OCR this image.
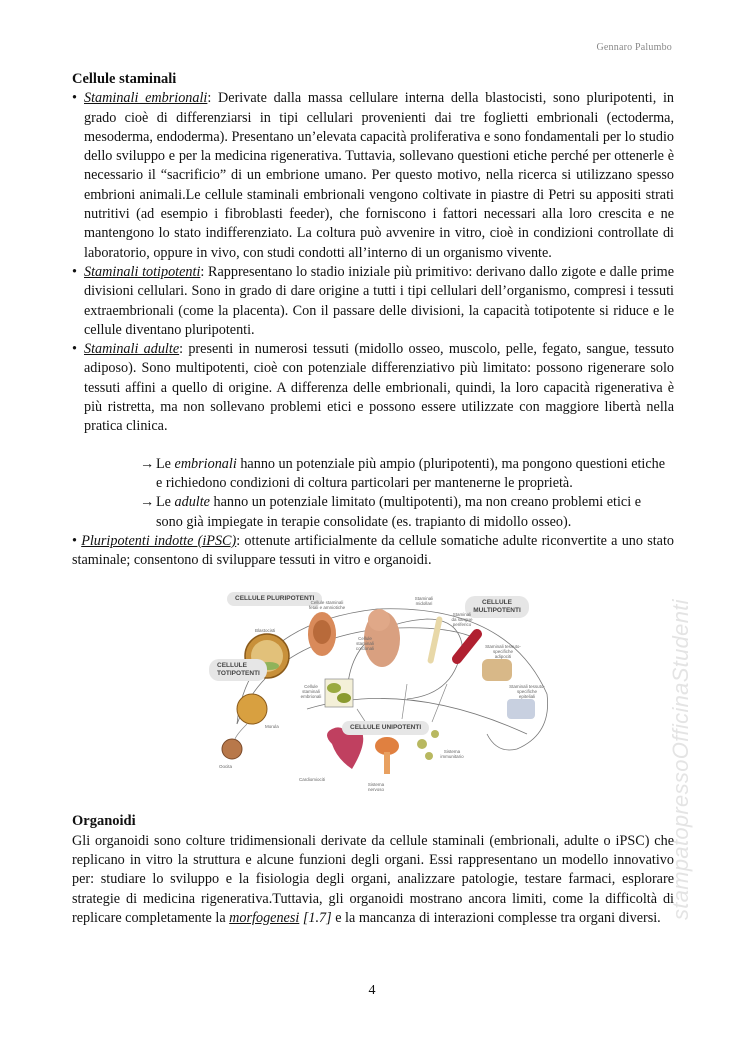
Gennaro Palumbo
stampatopressoOfficinaStudenti
Cellule staminali

• Staminali embrionali: Derivate dalla massa cellulare interna della blastocisti, sono pluripotenti, in grado cioè di differenziarsi in tipi cellulari provenienti dai tre foglietti embrionali (ectoderma, mesoderma, endoderma). Presentano un’elevata capacità proliferativa e sono fondamentali per lo studio dello sviluppo e per la medicina rigenerativa. Tuttavia, sollevano questioni etiche perché per ottenerle è necessario il “sacrificio” di un embrione umano. Per questo motivo, nella ricerca si utilizzano spesso embrioni animali.Le cellule staminali embrionali vengono coltivate in piastre di Petri su appositi strati nutritivi (ad esempio i fibroblasti feeder), che forniscono i fattori necessari alla loro crescita e ne mantengono lo stato indifferenziato. La coltura può avvenire in vitro, cioè in condizioni controllate di laboratorio, oppure in vivo, con studi condotti all’interno di un organismo vivente.

• Staminali totipotenti: Rappresentano lo stadio iniziale più primitivo: derivano dallo zigote e dalle prime divisioni cellulari. Sono in grado di dare origine a tutti i tipi cellulari dell’organismo, compresi i tessuti extraembrionali (come la placenta). Con il passare delle divisioni, la capacità totipotente si riduce e le cellule diventano pluripotenti.

• Staminali adulte: presenti in numerosi tessuti (midollo osseo, muscolo, pelle, fegato, sangue, tessuto adiposo). Sono multipotenti, cioè con potenziale differenziativo più limitato: possono rigenerare solo tessuti affini a quello di origine. A differenza delle embrionali, quindi, la loro capacità rigenerativa è più ristretta, ma non sollevano problemi etici e possono essere utilizzate con maggiore libertà nella pratica clinica.

→ Le embrionali hanno un potenziale più ampio (pluripotenti), ma pongono questioni etiche e richiedono condizioni di coltura particolari per mantenerne le proprietà.

→ Le adulte hanno un potenziale limitato (multipotenti), ma non creano problemi etici e sono già impiegate in terapie consolidate (es. trapianto di midollo osseo).

• Pluripotenti indotte (iPSC): ottenute artificialmente da cellule somatiche adulte riconvertite a uno stato staminale; consentono di sviluppare tessuti in vitro e organoidi.

CELLULE PLURIPOTENTI
CELLULE MULTIPOTENTI
CELLULE TOTIPOTENTI
CELLULE UNIPOTENTI
Blastocisti
Cellule staminali fetali e amniotiche
Cellule staminali cordonali
Staminali midollari
Staminali da sangue periferico
Staminali tessuto-specifiche adipociti
Staminali tessuto-specifiche epiteliali
Cellule staminali embrionali
Morula
Oocita
Cardiomiociti
Sistema nervoso
Sistema immunitario
Organoidi

Gli organoidi sono colture tridimensionali derivate da cellule staminali (embrionali, adulte o iPSC) che replicano in vitro la struttura e alcune funzioni degli organi. Essi rappresentano un modello innovativo per: studiare lo sviluppo e la fisiologia degli organi, analizzare patologie, testare farmaci, esplorare strategie di medicina rigenerativa.Tuttavia, gli organoidi mostrano ancora limiti, come la difficoltà di replicare completamente la morfogenesi [1.7] e la mancanza di interazioni complesse tra organi diversi.

4
